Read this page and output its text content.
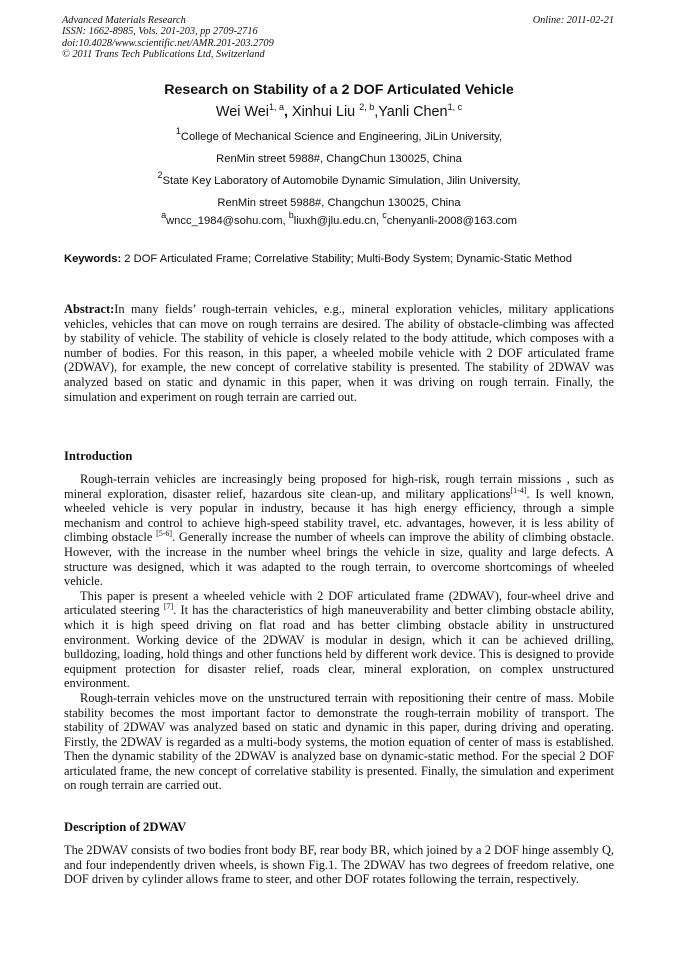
Advanced Materials Research
ISSN: 1662-8985, Vols. 201-203, pp 2709-2716
doi:10.4028/www.scientific.net/AMR.201-203.2709
© 2011 Trans Tech Publications Ltd, Switzerland
Online: 2011-02-21
Research on Stability of a 2 DOF Articulated Vehicle
Wei Wei$^{1, a}$, Xinhui Liu $^{2, b}$,Yanli Chen$^{1, c}$
$^1$College of Mechanical Science and Engineering, JiLin University,
RenMin street 5988#, ChangChun 130025, China
$^2$State Key Laboratory of Automobile Dynamic Simulation, Jilin University,
RenMin street 5988#, Changchun 130025, China
$^a$wncc_1984@sohu.com, $^b$liuxh@jlu.edu.cn, $^c$chenyanli-2008@163.com
Keywords: 2 DOF Articulated Frame; Correlative Stability; Multi-Body System; Dynamic-Static Method

Abstract:In many fields’ rough-terrain vehicles, e.g., mineral exploration vehicles, military applications vehicles, vehicles that can move on rough terrains are desired. The ability of obstacle-climbing was affected by stability of vehicle. The stability of vehicle is closely related to the body attitude, which composes with a number of bodies. For this reason, in this paper, a wheeled mobile vehicle with 2 DOF articulated frame (2DWAV), for example, the new concept of correlative stability is presented. The stability of 2DWAV was analyzed based on static and dynamic in this paper, when it was driving on rough terrain. Finally, the simulation and experiment on rough terrain are carried out.

Introduction

Rough-terrain vehicles are increasingly being proposed for high-risk, rough terrain missions , such as mineral exploration, disaster relief, hazardous site clean-up, and military applications[1-4]. Is well known, wheeled vehicle is very popular in industry, because it has high energy efficiency, through a simple mechanism and control to achieve high-speed stability travel, etc. advantages, however, it is less ability of climbing obstacle [5-6]. Generally increase the number of wheels can improve the ability of climbing obstacle. However, with the increase in the number wheel brings the vehicle in size, quality and large defects. A structure was designed, which it was adapted to the rough terrain, to overcome shortcomings of wheeled vehicle.

This paper is present a wheeled vehicle with 2 DOF articulated frame (2DWAV), four-wheel drive and articulated steering [7]. It has the characteristics of high maneuverability and better climbing obstacle ability, which it is high speed driving on flat road and has better climbing obstacle ability in unstructured environment. Working device of the 2DWAV is modular in design, which it can be achieved drilling, bulldozing, loading, hold things and other functions held by different work device. This is designed to provide equipment protection for disaster relief, roads clear, mineral exploration, on complex unstructured environment.

Rough-terrain vehicles move on the unstructured terrain with repositioning their centre of mass. Mobile stability becomes the most important factor to demonstrate the rough-terrain mobility of transport. The stability of 2DWAV was analyzed based on static and dynamic in this paper, during driving and operating. Firstly, the 2DWAV is regarded as a multi-body systems, the motion equation of center of mass is established. Then the dynamic stability of the 2DWAV is analyzed base on dynamic-static method. For the special 2 DOF articulated frame, the new concept of correlative stability is presented. Finally, the simulation and experiment on rough terrain are carried out.

Description of 2DWAV

The 2DWAV consists of two bodies front body BF, rear body BR, which joined by a 2 DOF hinge assembly Q, and four independently driven wheels, is shown Fig.1. The 2DWAV has two degrees of freedom relative, one DOF driven by cylinder allows frame to steer, and other DOF rotates following the terrain, respectively.
